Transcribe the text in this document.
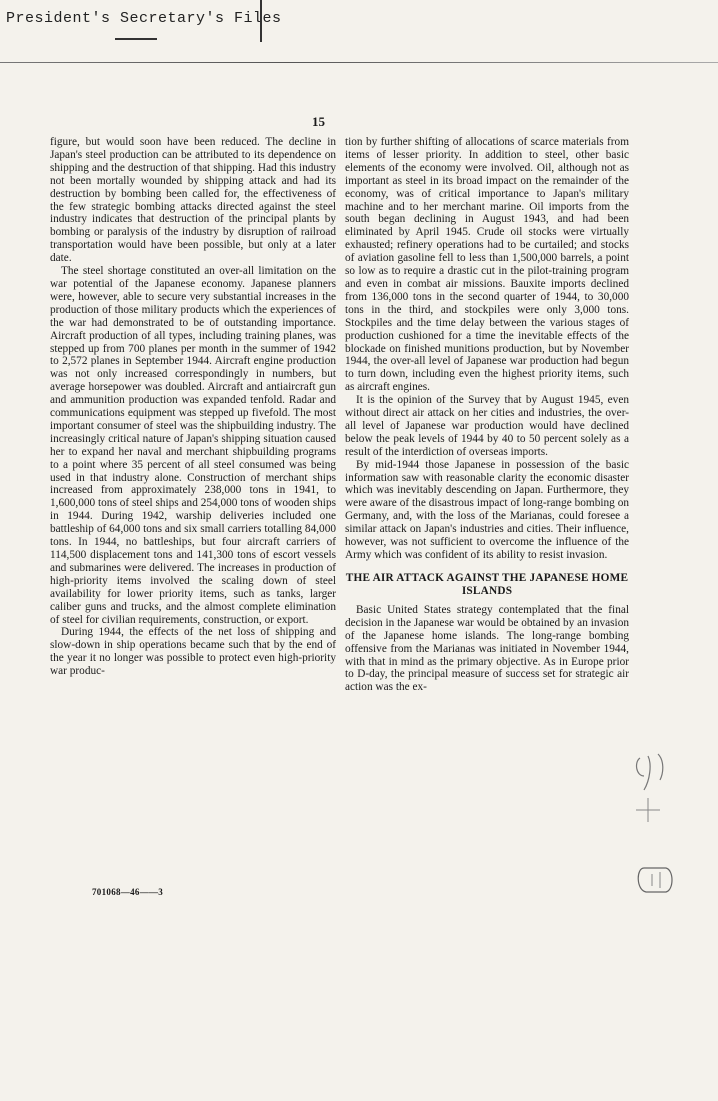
President's Secretary's Files
15

figure, but would soon have been reduced. The decline in Japan's steel production can be attributed to its dependence on shipping and the destruction of that shipping. Had this industry not been mortally wounded by shipping attack and had its destruction by bombing been called for, the effectiveness of the few strategic bombing attacks directed against the steel industry indicates that destruction of the principal plants by bombing or paralysis of the industry by disruption of railroad transportation would have been possible, but only at a later date.

The steel shortage constituted an over-all limitation on the war potential of the Japanese economy. Japanese planners were, however, able to secure very substantial increases in the production of those military products which the experiences of the war had demonstrated to be of outstanding importance. Aircraft production of all types, including training planes, was stepped up from 700 planes per month in the summer of 1942 to 2,572 planes in September 1944. Aircraft engine production was not only increased correspondingly in numbers, but average horsepower was doubled. Aircraft and antiaircraft gun and ammunition production was expanded tenfold. Radar and communications equipment was stepped up fivefold. The most important consumer of steel was the shipbuilding industry. The increasingly critical nature of Japan's shipping situation caused her to expand her naval and merchant shipbuilding programs to a point where 35 percent of all steel consumed was being used in that industry alone. Construction of merchant ships increased from approximately 238,000 tons in 1941, to 1,600,000 tons of steel ships and 254,000 tons of wooden ships in 1944. During 1942, warship deliveries included one battleship of 64,000 tons and six small carriers totalling 84,000 tons. In 1944, no battleships, but four aircraft carriers of 114,500 displacement tons and 141,300 tons of escort vessels and submarines were delivered. The increases in production of high-priority items involved the scaling down of steel availability for lower priority items, such as tanks, larger caliber guns and trucks, and the almost complete elimination of steel for civilian requirements, construction, or export.

During 1944, the effects of the net loss of shipping and slow-down in ship operations became such that by the end of the year it no longer was possible to protect even high-priority war produc-

tion by further shifting of allocations of scarce materials from items of lesser priority. In addition to steel, other basic elements of the economy were involved. Oil, although not as important as steel in its broad impact on the remainder of the economy, was of critical importance to Japan's military machine and to her merchant marine. Oil imports from the south began declining in August 1943, and had been eliminated by April 1945. Crude oil stocks were virtually exhausted; refinery operations had to be curtailed; and stocks of aviation gasoline fell to less than 1,500,000 barrels, a point so low as to require a drastic cut in the pilot-training program and even in combat air missions. Bauxite imports declined from 136,000 tons in the second quarter of 1944, to 30,000 tons in the third, and stockpiles were only 3,000 tons. Stockpiles and the time delay between the various stages of production cushioned for a time the inevitable effects of the blockade on finished munitions production, but by November 1944, the over-all level of Japanese war production had begun to turn down, including even the highest priority items, such as aircraft engines.

It is the opinion of the Survey that by August 1945, even without direct air attack on her cities and industries, the over-all level of Japanese war production would have declined below the peak levels of 1944 by 40 to 50 percent solely as a result of the interdiction of overseas imports.

By mid-1944 those Japanese in possession of the basic information saw with reasonable clarity the economic disaster which was inevitably descending on Japan. Furthermore, they were aware of the disastrous impact of long-range bombing on Germany, and, with the loss of the Marianas, could foresee a similar attack on Japan's industries and cities. Their influence, however, was not sufficient to overcome the influence of the Army which was confident of its ability to resist invasion.

THE AIR ATTACK AGAINST THE JAPANESE HOME ISLANDS

Basic United States strategy contemplated that the final decision in the Japanese war would be obtained by an invasion of the Japanese home islands. The long-range bombing offensive from the Marianas was initiated in November 1944, with that in mind as the primary objective. As in Europe prior to D-day, the principal measure of success set for strategic air action was the ex-

701068—46——3
